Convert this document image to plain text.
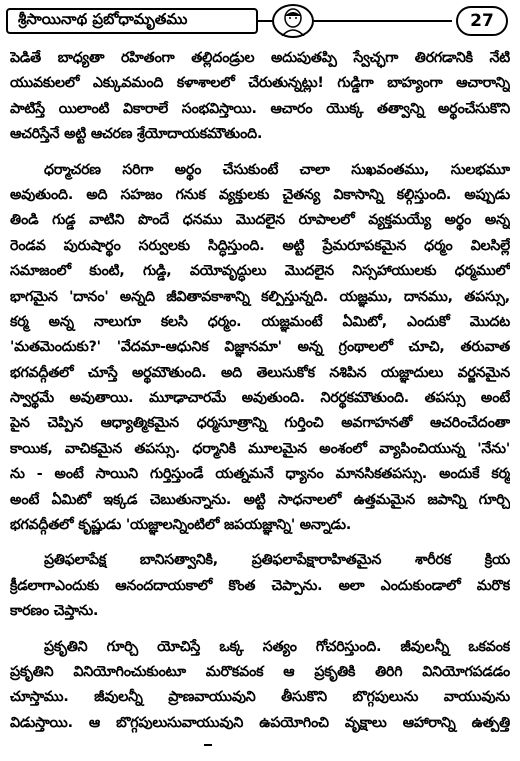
శ్రీసాయినాథ ప్రబోధామృతము	27
పెడితే బాధ్యతా రహితంగా తల్లిదండ్రుల అదుపుతప్పి స్వేచ్ఛగా తిరగడానికి నేటి
యువకులలో ఎక్కువమంది కళాశాలలో చేరుతున్నట్లు! గుడ్డిగా బాహ్యంగా ఆచారాన్ని
పాటిస్తే యిలాంటి వికారాలే సంభవిస్తాయి. ఆచారం యొక్క తత్వాన్ని అర్థంచేసుకొని
ఆచరిస్తేనే అట్టి ఆచరణ శ్రేయోదాయకమౌతుంది.
ధర్మాచరణ సరిగా అర్థం చేసుకుంటే చాలా సుఖవంతము, సులభమూ
అవుతుంది. అది సహజం గనుక వ్యక్తులకు చైతన్య వికాసాన్ని కల్గిస్తుంది. అప్పుడు
తిండి గుడ్డ వాటిని పొందే ధనము మొదలైన రూపాలలో వ్యక్తమయ్యే అర్థం అన్న
రెండవ పురుషార్థం సర్వులకు సిద్ధిస్తుంది. అట్టి ప్రేమరూపకమైన ధర్మం విలసిల్లే
సమాజంలో కుంటి, గుడ్డి, వయోవృద్ధులు మొదలైన నిస్సహాయులకు ధర్మములో
భాగమైన 'దానం' అన్నది జీవితావకాశాన్ని కల్పిస్తున్నది. యజ్ఞము, దానము, తపస్సు,
కర్మ అన్న నాలుగూ కలసి ధర్మం. యజ్ఞమంటే ఏమిటో, ఎందుకో మొదట
'మతమెందుకు?' 'వేదమా-ఆధునిక విజ్ఞానమా' అన్న గ్రంథాలలో చూచి, తరువాత
భగవద్గీతలో చూస్తే అర్థమౌతుంది. అది తెలుసుకోక నశిపిన యజ్ఞాదులు వర్జనమైన
స్వార్థమే అవుతాయి. మూఢాచారమే అవుతుంది. నిరర్థకమౌతుంది. తపస్సు అంటే
పైన చెప్పిన ఆధ్యాత్మికమైన ధర్మసూత్రాన్ని గుర్తించి అవగాహనతో ఆచరించేదంతా
కాయిక, వాచికమైన తపస్సు. ధర్మానికి మూలమైన అంశంలో వ్యాపించియున్న 'నేను'
ను - అంటే సాయిని గుర్తిస్తుండే యత్నమనే ధ్యానం మానసికతపస్సు. అందుకే కర్మ
అంటే ఏమిటో ఇక్కడ చెబుతున్నాను. అట్టి సాధనాలలో ఉత్తమమైన జపాన్ని గూర్చి
భగవద్గీతలో కృష్ణుడు 'యజ్ఞాలన్నింటిలో జపయజ్ఞాన్ని' అన్నాడు.
ప్రతిఫలాపేక్ష బానిసత్వానికి, ప్రతిఫలాపేక్షారాహితమైన శారీరక క్రియ
క్రీడలాగాఎందుకు ఆనందదాయకాలో కొంత చెప్పాను. అలా ఎందుకుండాలో మరొక
కారణం చెప్తాను.
ప్రకృతిని గూర్చి యోచిస్తే ఒక్క సత్యం గోచరిస్తుంది. జీవులన్నీ ఒకవంక
ప్రకృతిని వినియోగించుకుంటూ మరొకవంక ఆ ప్రకృతికి తిరిగి వినియోగపడడం
చూస్తాము. జీవులన్నీ ప్రాణవాయువుని తీసుకొని బొగ్గపులును వాయువును
విడుస్తాయి. ఆ బొగ్గపులుసువాయువుని ఉపయోగించి వృక్షాలు ఆహారాన్ని ఉత్పత్తి
